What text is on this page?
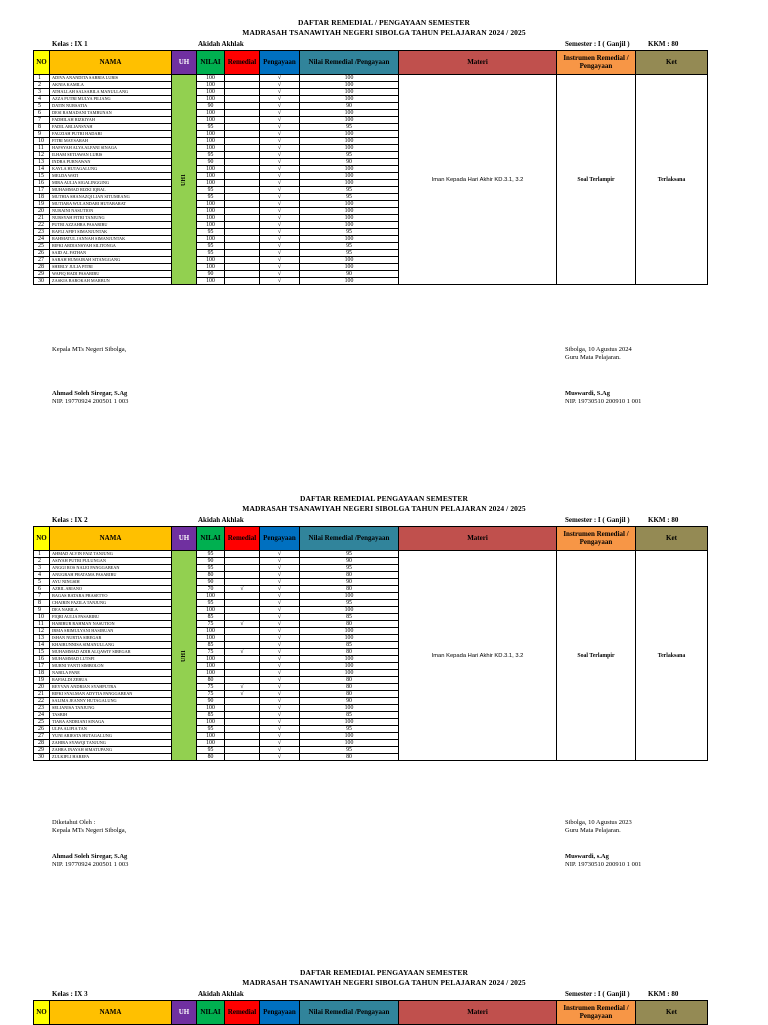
DAFTAR REMEDIAL / PENGAYAAN SEMESTER
MADRASAH TSANAWIYAH NEGERI SIBOLGA TAHUN PELAJARAN 2024 / 2025
Kelas : IX 1	Akidah Akhlak	Semester : I ( Ganjil )	KKM : 80
NO	NAMA	UH	NILAI	Remedial	Pengayaan	Nilai Remedial /Pengayaan	Materi	Instrumen Remedial / Pengayaan	Ket
1	ADIVA ANANDITA SABRIA LUBIS	UH1	100		√	100	Iman Kepada Hari Akhir KD.3.1, 3.2	Soal Terlampir	Terlaksana
2	AKNIA KAMILA		100		√	100			
3	ATHALLAH SALSABILA MANULLANG		100		√	100			
4	AZZA PUTRI MULYA PILIANG		100		√	100			
5	DATIN NURSATIA		90		√	90			
6	DESI RAMADANI TAMBUNAN		100		√	100			
7	FADHILAH RIZKIYAH		100		√	100			
8	FADIL ARLIANSYAH		95		√	95			
9	FAUZIAH PUTRI HADABI		100		√	100			
10	FITRI MAYSARAH		100		√	100			
11	HAFSYAH ALYA ALFANI SINAGA		100		√	100			
12	ILHAM SETIAWAN LUBIS		95		√	95			
13	INDRA PURNAWAN		90		√	90			
14	KAYLA HUTAGALUNG		100		√	100			
15	MELDA WATI		100		√	100			
16	MIRA AULIA SIGALINGGING		100		√	100			
17	MUHAMMAD RIZKI IQBAL		95		√	95			
18	MUTHIA SHANAZQI LIAN SITUMEANG		95		√	95			
19	MUTIARA WULANDARI HUTABARAT		100		√	100			
20	NURAINI NASUTION		100		√	100			
21	NURSYAH FITRI TANJUNG		100		√	100			
22	PUTRI AZZAHRA PASARIBU		100		√	100			
23	RAFLI AFIFI SIMANJUNTAK		95		√	95			
24	RAHMATUL JANNAH SIMANJUNTAK		100		√	100			
25	RIFKI ARDIANSYAH SILITONGA		95		√	95			
26	SAID AL FATHAN		95		√	95			
27	SARAH HUMAIRAH SITANGGANG		100		√	100			
28	SHERLY JULIA PITRI		100		√	100			
29	WAFIQ HADI PASARIBU		90		√	90			
30	ZASKIA BAROKAH MARBUN		100		√	100			
Kepala MTs Negeri Sibolga,
Ahmad Soleh Siregar, S.Ag
NIP. 19770924 200501 1 003
Sibolga, 10 Agustus 2024
Guru Mata Pelajaran.
Muswardi, S.Ag
NIP. 19730510 200910 1 001
DAFTAR REMEDIAL PENGAYAAN SEMESTER
MADRASAH TSANAWIYAH NEGERI SIBOLGA TAHUN PELAJARAN 2024 / 2025
Kelas : IX 2	Akidah Akhlak	Semester : I ( Ganjil )	KKM : 80
NO	NAMA	UH	NILAI	Remedial	Pengayaan	Nilai Remedial /Pengayaan	Materi	Instrumen Remedial / Pengayaan	Ket
1	AHMAD ALVIN FAIZ TANJUNG	UH1	95		√	95	Iman Kepada Hari Akhir KD.3.1, 3.2	Soal Terlampir	Terlaksana
2	ASIYAH PUTRI PULUNGAN		90		√	90			
3	ANGGI ROS NALEI PANGGABEAN		95		√	95			
4	ANUGRAH PRATAMA PASARIBU		80		√	80			
5	AYU NINGSIH		90		√	90			
6	AZRIL ARIANO		70	√	√	80			
7	BAGAS BATARA PRASETYO		100		√	100			
8	CHAIRIN FAZILA TANJUNG		95		√	95			
9	DEA NABILA		100		√	100			
10	FIQRI AULIA PASARIBU		85		√	85			
11	HABIBUR RAHMAN NASUTION		75	√	√	80			
12	IRMA SRIMULYANI HASIBUAN		100		√	100			
13	ISHAN NURTIA SIREGAR		100		√	100			
14	KHAIRUNNISA SIMANULLANG		85		√	85			
15	MUHAMMAD ADIB ALQAWIY SIREGAR		75	√	√	80			
16	MUHAMMAD LUTSFI		100		√	100			
17	MURNI YANTI SIMBOLON		100		√	100			
18	NABILA PANE		100		√	100			
19	RAFIALDI ZEBUA		80		√	80			
20	REYVAN ANDRIAN SYAHPUTRA		75	√	√	80			
21	RIFKI SYALMAN ADYTIA PANGGABEAN		75	√	√	80			
22	SALIMA JEANNY HUTAGALUNG		90		√	90			
23	SELIANISA TANJUNG		100		√	100			
24	TASBIH		85		√	85			
25	TIARA ANDRIANI SINAGA		100		√	100			
26	ULFA ALIFIA TAN		95		√	95			
27	YUNI ARIESTA HUTAGALUNG		100		√	100			
28	ZAHIRA SYAWQI TANJUNG		100		√	100			
29	ZAHRA INAYAH SIMATUPANG		95		√	95			
30	ZULKIFLI HAREFA		80		√	80			
Diketahui Oleh :
Kepala MTs Negeri Sibolga,
Ahmad Soleh Siregar, S.Ag
NIP. 19770924 200501 1 003
Sibolga, 10 Agustus 2023
Guru Mata Pelajaran.
Muswardi, s.Ag
NIP. 19730510 200910 1 001
DAFTAR REMEDIAL PENGAYAAN SEMESTER
MADRASAH TSANAWIYAH NEGERI SIBOLGA TAHUN PELAJARAN 2024 / 2025
Kelas : IX 3	Akidah Akhlak	Semester : I ( Ganjil )	KKM : 80
NO	NAMA	UH	NILAI	Remedial	Pengayaan	Nilai Remedial /Pengayaan	Materi	Instrumen Remedial / Pengayaan	Ket
